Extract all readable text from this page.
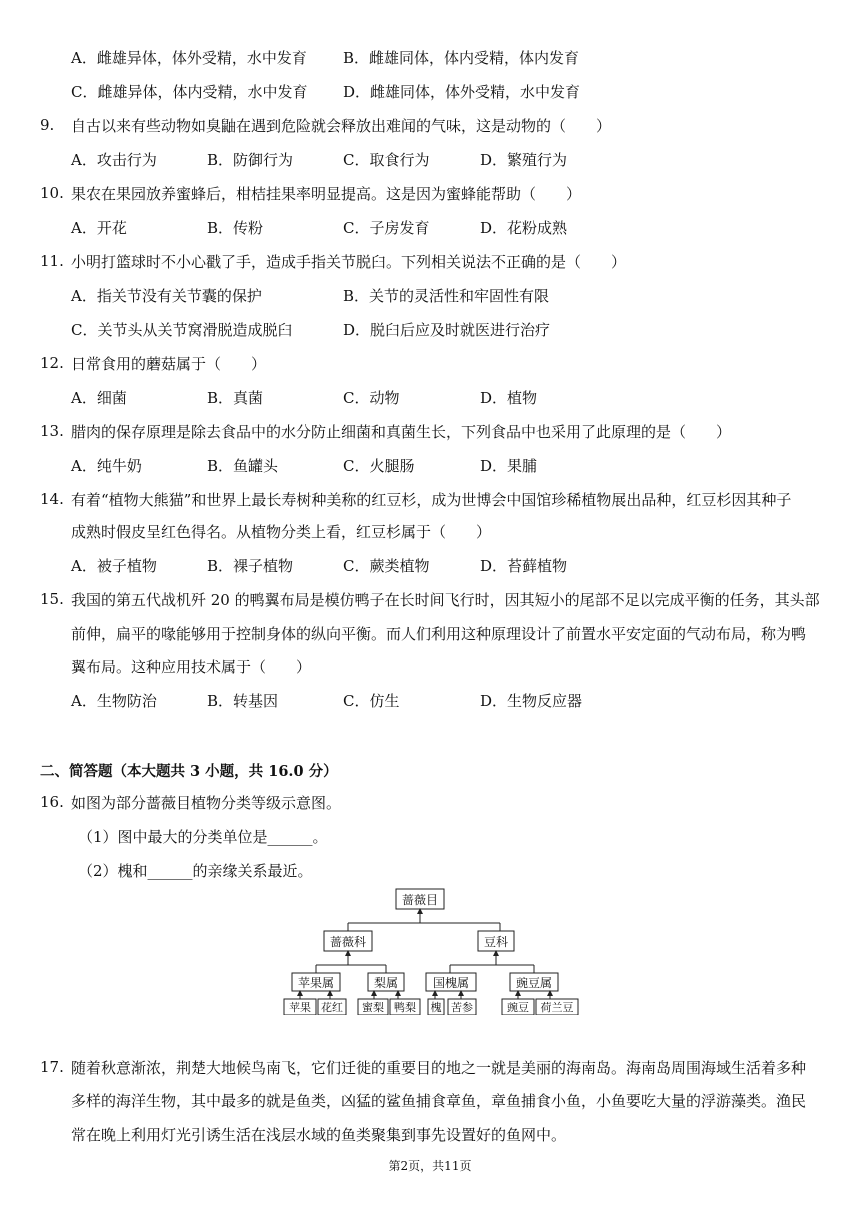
A．雌雄异体，体外受精，水中发育 B．雌雄同体，体内受精，体内发育
C．雌雄异体，体内受精，水中发育 D．雌雄同体，体外受精，水中发育
9.	自古以来有些动物如臭鼬在遇到危险就会释放出难闻的气味，这是动物的（　　）
A．攻击行为	B．防御行为	C．取食行为	D．繁殖行为
10. 果农在果园放养蜜蜂后，柑桔挂果率明显提高。这是因为蜜蜂能帮助（　　）
A．开花	B．传粉	C．子房发育	D．花粉成熟
11. 小明打篮球时不小心戳了手，造成手指关节脱臼。下列相关说法不正确的是（　　）
A．指关节没有关节囊的保护	B．关节的灵活性和牢固性有限
C．关节头从关节窝滑脱造成脱臼	D．脱臼后应及时就医进行治疗
12. 日常食用的蘑菇属于（　　）
A．细菌	B．真菌	C．动物	D．植物
13. 腊肉的保存原理是除去食品中的水分防止细菌和真菌生长，下列食品中也采用了此原理的是（　　）
A．纯牛奶	B．鱼罐头	C．火腿肠	D．果脯
14. 有着“植物大熊猫”和世界上最长寿树种美称的红豆杉，成为世博会中国馆珍稀植物展出品种，红豆杉因其种子
成熟时假皮呈红色得名。从植物分类上看，红豆杉属于（　　）
A．被子植物	B．裸子植物	C．蕨类植物	D．苔藓植物
15. 我国的第五代战机歼 20 的鸭翼布局是模仿鸭子在长时间飞行时，因其短小的尾部不足以完成平衡的任务，其头部
前伸，扁平的喙能够用于控制身体的纵向平衡。而人们利用这种原理设计了前置水平安定面的气动布局，称为鸭
翼布局。这种应用技术属于（　　）
A．生物防治	B．转基因	C．仿生	D．生物反应器
二、简答题（本大题共 3 小题，共 16.0 分）
16. 如图为部分蔷薇目植物分类等级示意图。
（1）图中最大的分类单位是______。
（2）槐和______的亲缘关系最近。
蔷薇目
蔷薇科	豆科
苹果属	梨属	国槐属	豌豆属
苹果 花红 蜜梨 鸭梨 槐 苦参	豌豆 荷兰豆
17. 随着秋意渐浓，荆楚大地候鸟南飞，它们迁徙的重要目的地之一就是美丽的海南岛。海南岛周围海域生活着多种
多样的海洋生物，其中最多的就是鱼类，凶猛的鲨鱼捕食章鱼，章鱼捕食小鱼，小鱼要吃大量的浮游藻类。渔民
常在晚上利用灯光引诱生活在浅层水域的鱼类聚集到事先设置好的鱼网中。
第2页，共11页
